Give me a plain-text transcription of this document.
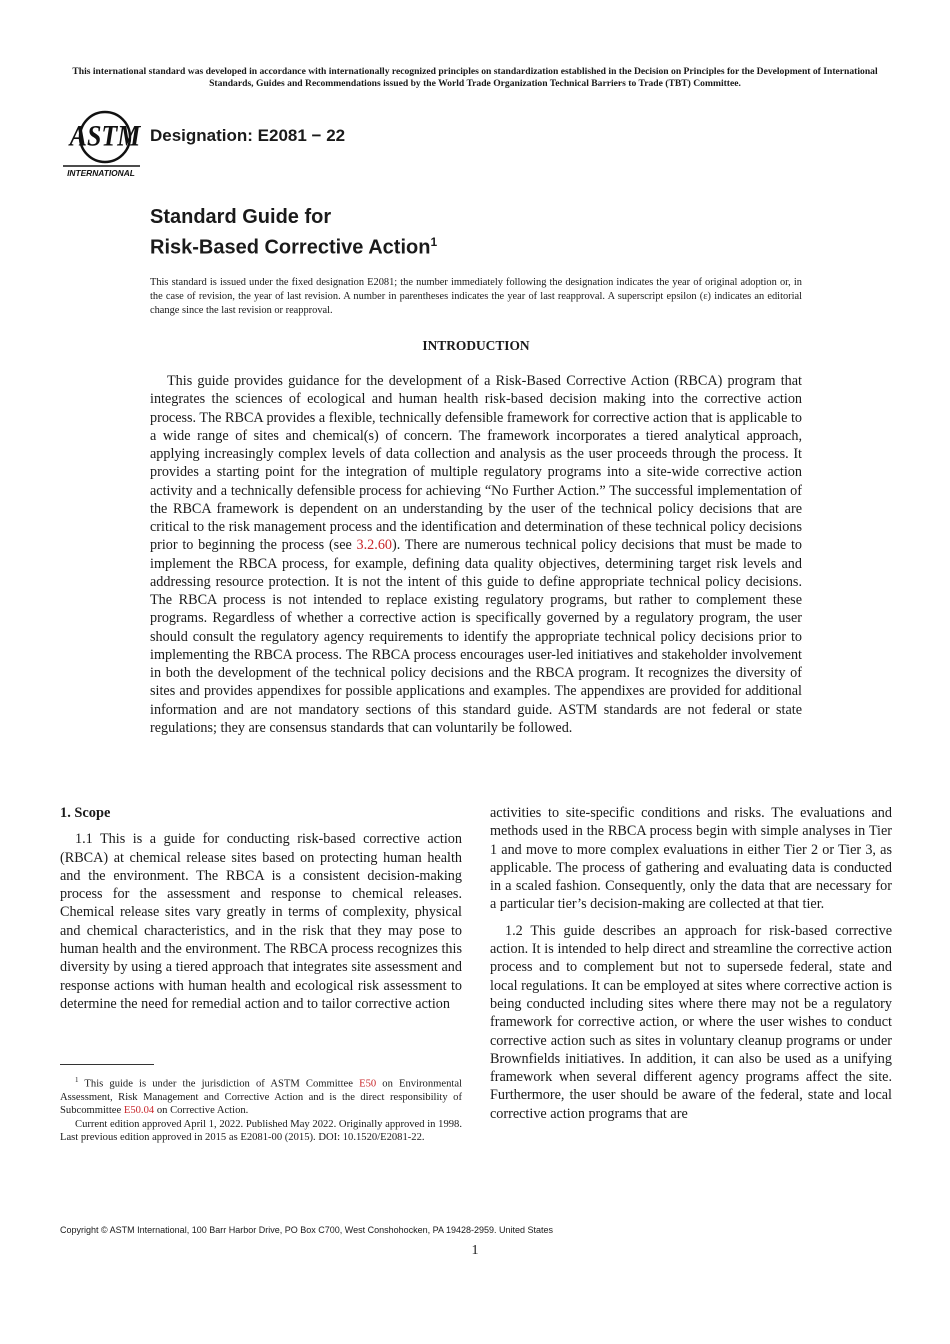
This international standard was developed in accordance with internationally recognized principles on standardization established in the Decision on Principles for the Development of International Standards, Guides and Recommendations issued by the World Trade Organization Technical Barriers to Trade (TBT) Committee.
ASTM
INTERNATIONAL
Designation: E2081 − 22
Standard Guide for
Risk-Based Corrective Action$^1$
This standard is issued under the fixed designation E2081; the number immediately following the designation indicates the year of original adoption or, in the case of revision, the year of last revision. A number in parentheses indicates the year of last reapproval. A superscript epsilon (ε) indicates an editorial change since the last revision or reapproval.
INTRODUCTION

This guide provides guidance for the development of a Risk-Based Corrective Action (RBCA) program that integrates the sciences of ecological and human health risk-based decision making into the corrective action process. The RBCA provides a flexible, technically defensible framework for corrective action that is applicable to a wide range of sites and chemical(s) of concern. The framework incorporates a tiered analytical approach, applying increasingly complex levels of data collection and analysis as the user proceeds through the process. It provides a starting point for the integration of multiple regulatory programs into a site-wide corrective action activity and a technically defensible process for achieving “No Further Action.” The successful implementation of the RBCA framework is dependent on an understanding by the user of the technical policy decisions that are critical to the risk management process and the identification and determination of these technical policy decisions prior to beginning the process (see 3.2.60). There are numerous technical policy decisions that must be made to implement the RBCA process, for example, defining data quality objectives, determining target risk levels and addressing resource protection. It is not the intent of this guide to define appropriate technical policy decisions. The RBCA process is not intended to replace existing regulatory programs, but rather to complement these programs. Regardless of whether a corrective action is specifically governed by a regulatory program, the user should consult the regulatory agency requirements to identify the appropriate technical policy decisions prior to implementing the RBCA process. The RBCA process encourages user-led initiatives and stakeholder involvement in both the development of the technical policy decisions and the RBCA program. It recognizes the diversity of sites and provides appendixes for possible applications and examples. The appendixes are provided for additional information and are not mandatory sections of this standard guide. ASTM standards are not federal or state regulations; they are consensus standards that can voluntarily be followed.

1. Scope

1.1 This is a guide for conducting risk-based corrective action (RBCA) at chemical release sites based on protecting human health and the environment. The RBCA is a consistent decision-making process for the assessment and response to chemical releases. Chemical release sites vary greatly in terms of complexity, physical and chemical characteristics, and in the risk that they may pose to human health and the environment. The RBCA process recognizes this diversity by using a tiered approach that integrates site assessment and response actions with human health and ecological risk assessment to determine the need for remedial action and to tailor corrective action

activities to site-specific conditions and risks. The evaluations and methods used in the RBCA process begin with simple analyses in Tier 1 and move to more complex evaluations in either Tier 2 or Tier 3, as applicable. The process of gathering and evaluating data is conducted in a scaled fashion. Consequently, only the data that are necessary for a particular tier’s decision-making are collected at that tier.

1.2 This guide describes an approach for risk-based corrective action. It is intended to help direct and streamline the corrective action process and to complement but not to supersede federal, state and local regulations. It can be employed at sites where corrective action is being conducted including sites where there may not be a regulatory framework for corrective action, or where the user wishes to conduct corrective action such as sites in voluntary cleanup programs or under Brownfields initiatives. In addition, it can also be used as a unifying framework when several different agency programs affect the site. Furthermore, the user should be aware of the federal, state and local corrective action programs that are

$^1$ This guide is under the jurisdiction of ASTM Committee E50 on Environmental Assessment, Risk Management and Corrective Action and is the direct responsibility of Subcommittee E50.04 on Corrective Action.

Current edition approved April 1, 2022. Published May 2022. Originally approved in 1998. Last previous edition approved in 2015 as E2081-00 (2015). DOI: 10.1520/E2081-22.

Copyright © ASTM International, 100 Barr Harbor Drive, PO Box C700, West Conshohocken, PA 19428-2959. United States
1
